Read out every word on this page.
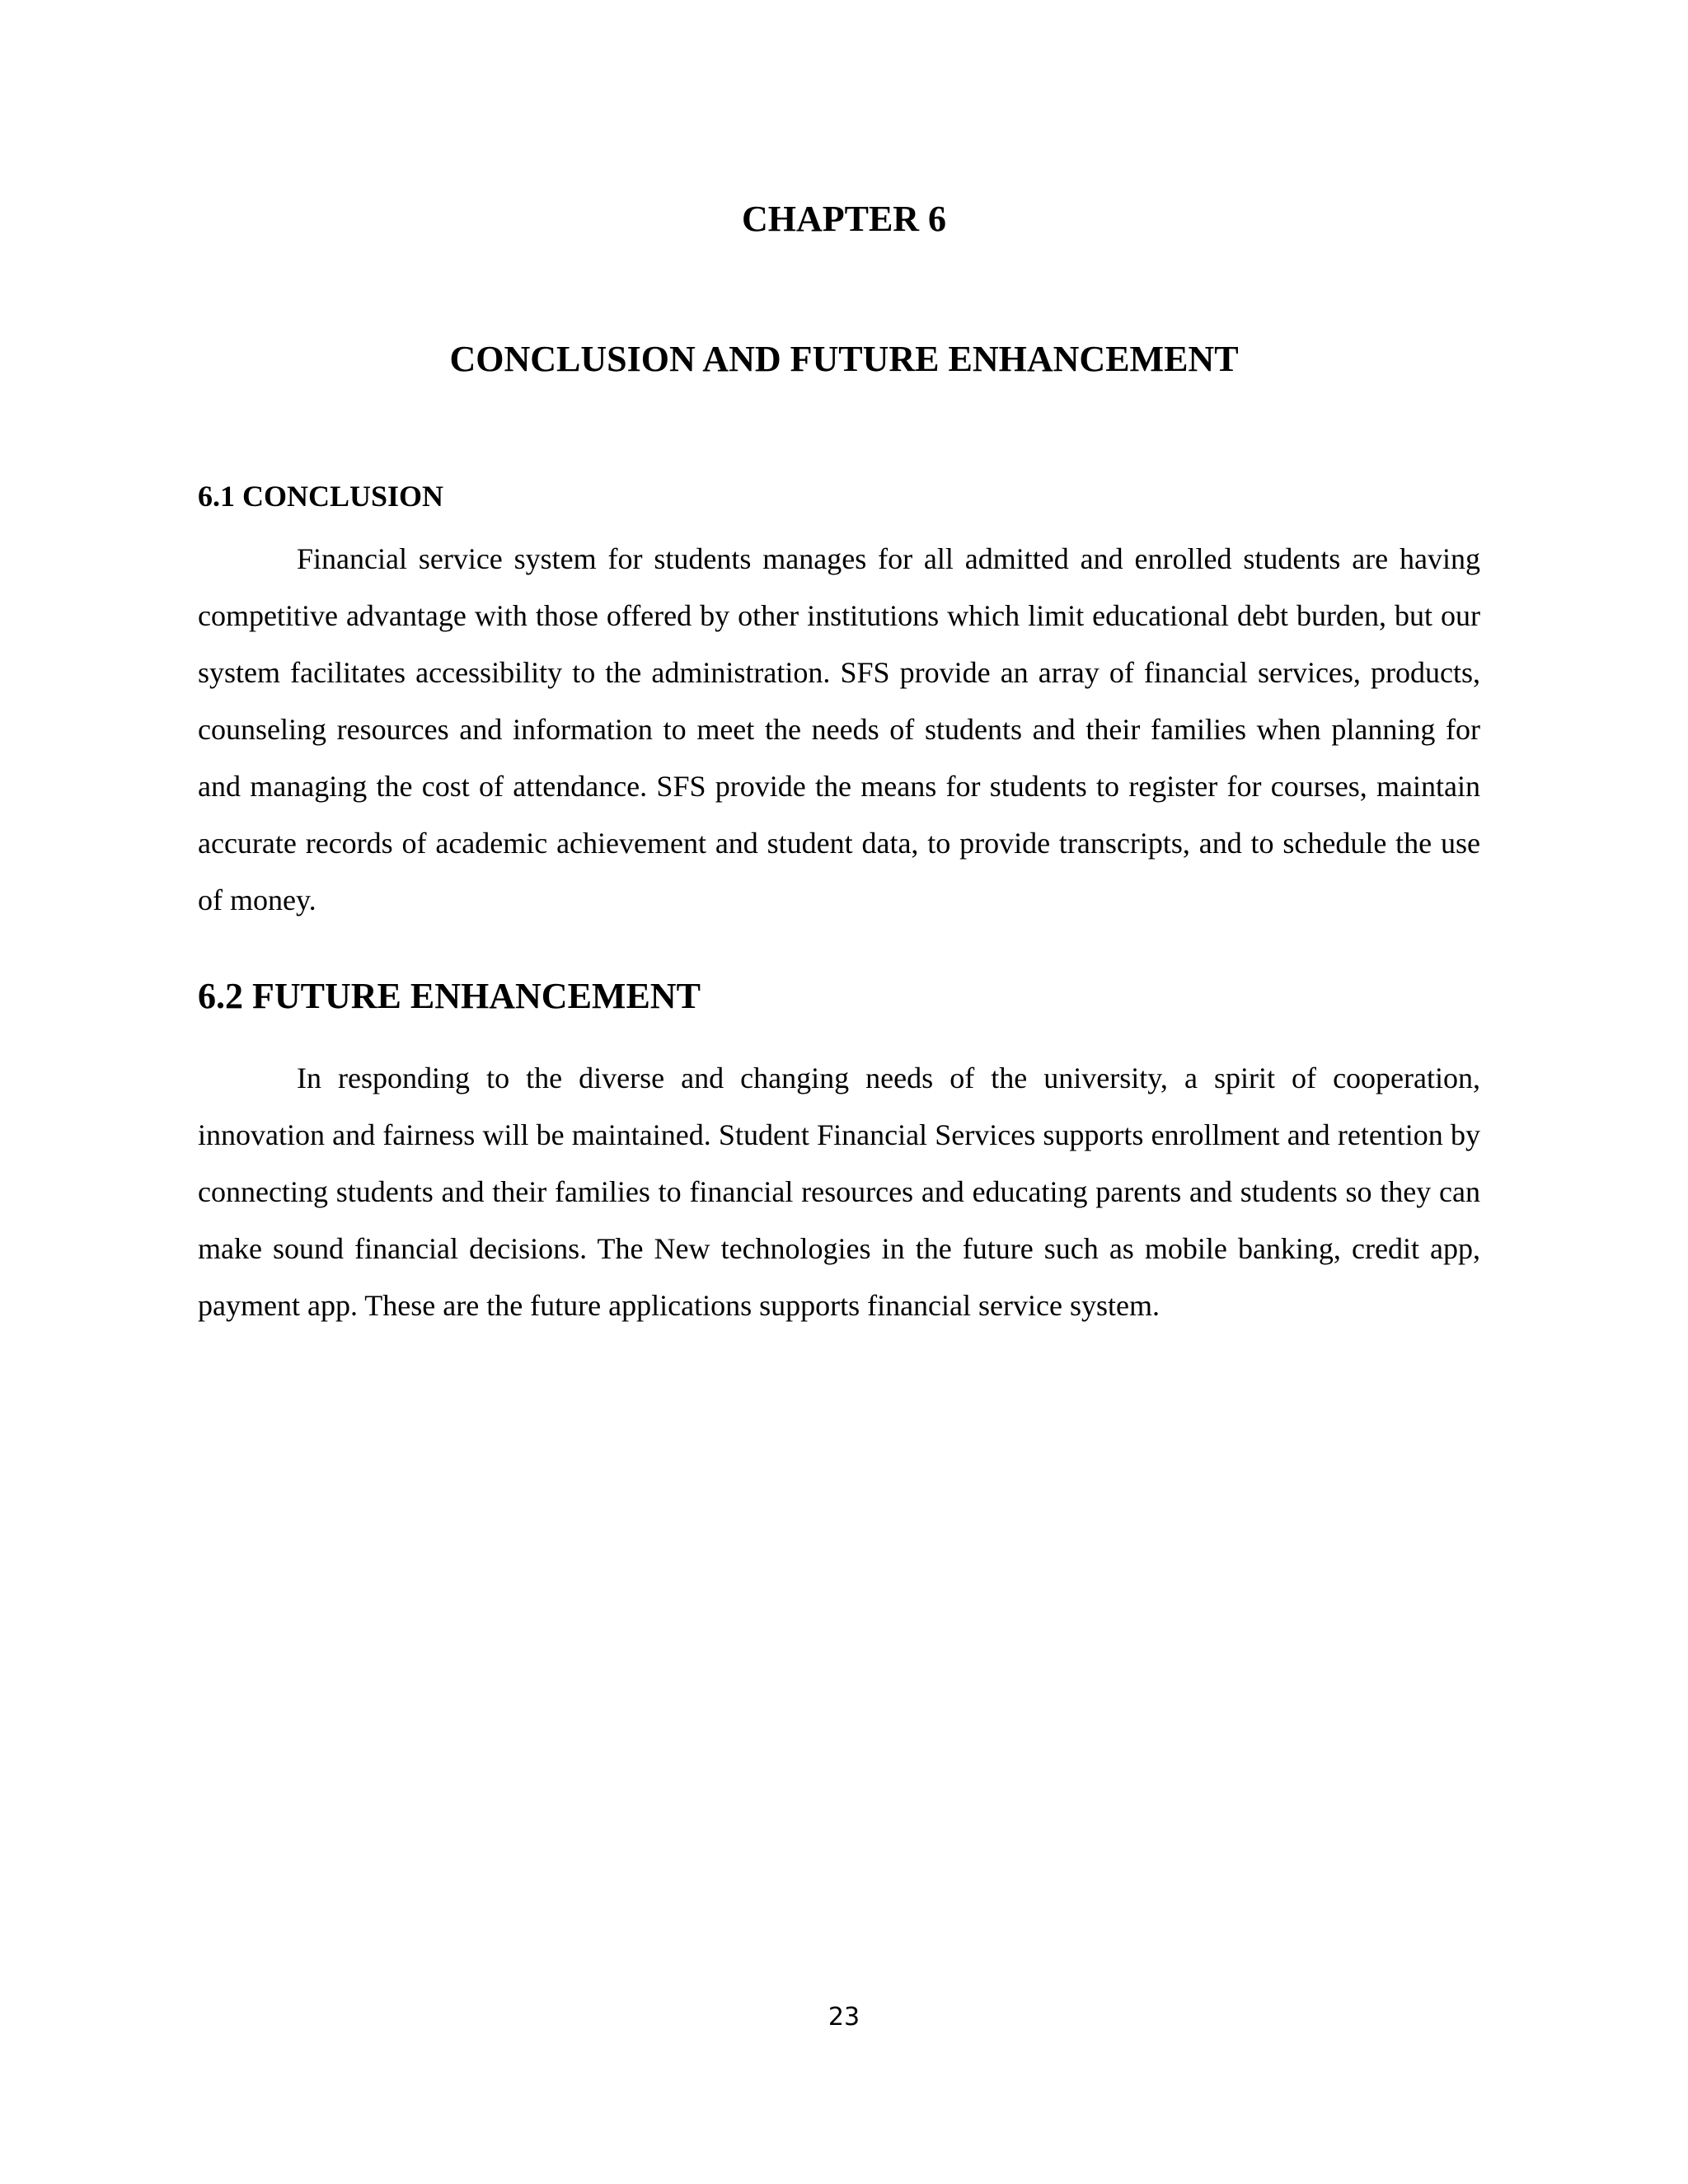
CHAPTER 6
CONCLUSION AND FUTURE ENHANCEMENT
6.1 CONCLUSION

Financial service system for students manages for all admitted and enrolled students are having competitive advantage with those offered by other institutions which limit educational debt burden, but our system facilitates accessibility to the administration. SFS provide an array of financial services, products, counseling resources and information to meet the needs of students and their families when planning for and managing the cost of attendance. SFS provide the means for students to register for courses, maintain accurate records of academic achievement and student data, to provide transcripts, and to schedule the use of money.

6.2 FUTURE ENHANCEMENT

In responding to the diverse and changing needs of the university, a spirit of cooperation, innovation and fairness will be maintained. Student Financial Services supports enrollment and retention by connecting students and their families to financial resources and educating parents and students so they can make sound financial decisions. The New technologies in the future such as mobile banking, credit app, payment app. These are the future applications supports financial service system.

23
